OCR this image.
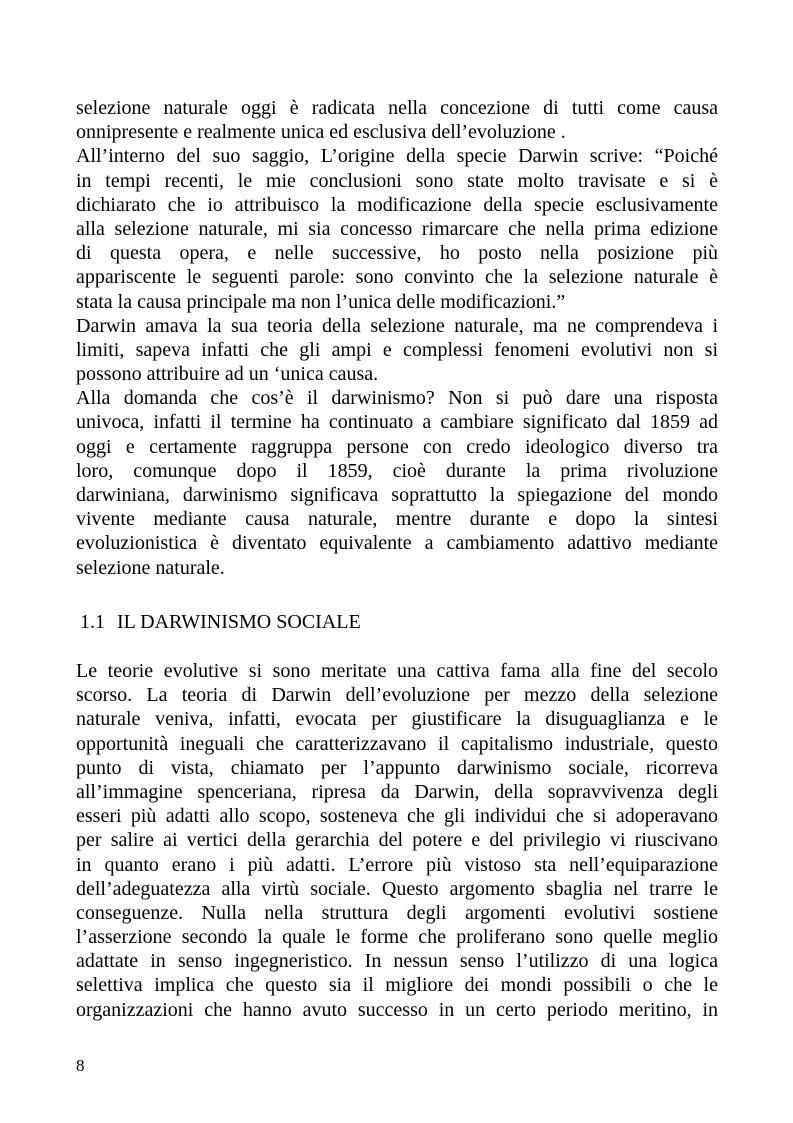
selezione naturale oggi è radicata nella concezione di tutti come causa
onnipresente e realmente unica ed esclusiva dell’evoluzione .
All’interno del suo saggio, L’origine della specie Darwin scrive: “Poiché
in tempi recenti, le mie conclusioni sono state molto travisate e si è
dichiarato che io attribuisco la modificazione della specie esclusivamente
alla selezione naturale, mi sia concesso rimarcare che nella prima edizione
di questa opera, e nelle successive, ho posto nella posizione più
appariscente le seguenti parole: sono convinto che la selezione naturale è
stata la causa principale ma non l’unica delle modificazioni.”
Darwin amava la sua teoria della selezione naturale, ma ne comprendeva i
limiti, sapeva infatti che gli ampi e complessi fenomeni evolutivi non si
possono attribuire ad un ‘unica causa.
Alla domanda che cos’è il darwinismo? Non si può dare una risposta
univoca, infatti il termine ha continuato a cambiare significato dal 1859 ad
oggi e certamente raggruppa persone con credo ideologico diverso tra
loro, comunque dopo il 1859, cioè durante la prima rivoluzione
darwiniana, darwinismo significava soprattutto la spiegazione del mondo
vivente mediante causa naturale, mentre durante e dopo la sintesi
evoluzionistica è diventato equivalente a cambiamento adattivo mediante
selezione naturale.
1.1 IL DARWINISMO SOCIALE
Le teorie evolutive si sono meritate una cattiva fama alla fine del secolo
scorso. La teoria di Darwin dell’evoluzione per mezzo della selezione
naturale veniva, infatti, evocata per giustificare la disuguaglianza e le
opportunità ineguali che caratterizzavano il capitalismo industriale, questo
punto di vista, chiamato per l’appunto darwinismo sociale, ricorreva
all’immagine spenceriana, ripresa da Darwin, della sopravvivenza degli
esseri più adatti allo scopo, sosteneva che gli individui che si adoperavano
per salire ai vertici della gerarchia del potere e del privilegio vi riuscivano
in quanto erano i più adatti. L’errore più vistoso sta nell’equiparazione
dell’adeguatezza alla virtù sociale. Questo argomento sbaglia nel trarre le
conseguenze. Nulla nella struttura degli argomenti evolutivi sostiene
l’asserzione secondo la quale le forme che proliferano sono quelle meglio
adattate in senso ingegneristico. In nessun senso l’utilizzo di una logica
selettiva implica che questo sia il migliore dei mondi possibili o che le
organizzazioni che hanno avuto successo in un certo periodo meritino, in
8
